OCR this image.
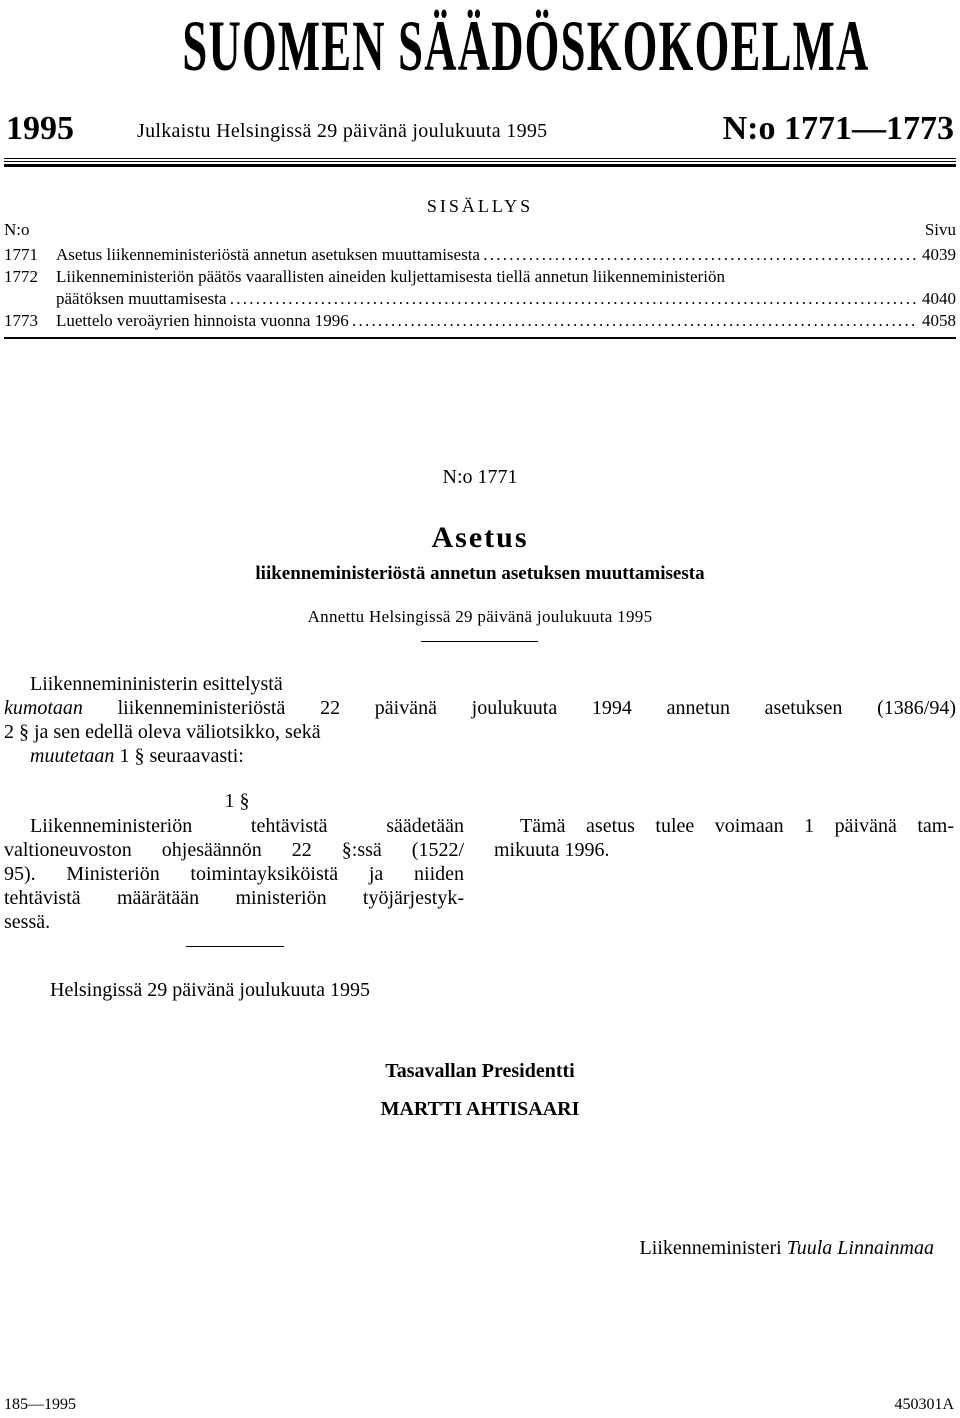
SUOMEN SÄÄDÖSKOKOELMA
1995	Julkaistu Helsingissä 29 päivänä joulukuuta 1995	N:o 1771—1773
SISÄLLYS
N:o	Sivu
1771	Asetus liikenneministeriöstä annetun asetuksen muuttamisesta . . .	4039
1772	Liikenneministeriön päätös vaarallisten aineiden kuljettamisesta tiellä annetun liikenneministeriön
päätöksen muuttamisesta . . .	4040
1773	Luettelo veroäyrien hinnoista vuonna 1996 . . .	4058
N:o 1771
Asetus
liikenneministeriöstä annetun asetuksen muuttamisesta
Annettu Helsingissä 29 päivänä joulukuuta 1995
Liikennemininisterin esittelystä
kumotaan liikenneministeriöstä 22 päivänä joulukuuta 1994 annetun asetuksen (1386/94)
2 § ja sen edellä oleva väliotsikko, sekä
muutetaan 1 § seuraavasti:
1 §
Liikenneministeriön tehtävistä säädetään
valtioneuvoston ohjesäännön 22 §:ssä (1522/
95). Ministeriön toimintayksiköistä ja niiden
tehtävistä määrätään ministeriön työjärjestyk-
sessä.
Tämä asetus tulee voimaan 1 päivänä tam-
mikuuta 1996.
Helsingissä 29 päivänä joulukuuta 1995
Tasavallan Presidentti
MARTTI AHTISAARI
Liikenneministeri Tuula Linnainmaa
185—1995	450301A
